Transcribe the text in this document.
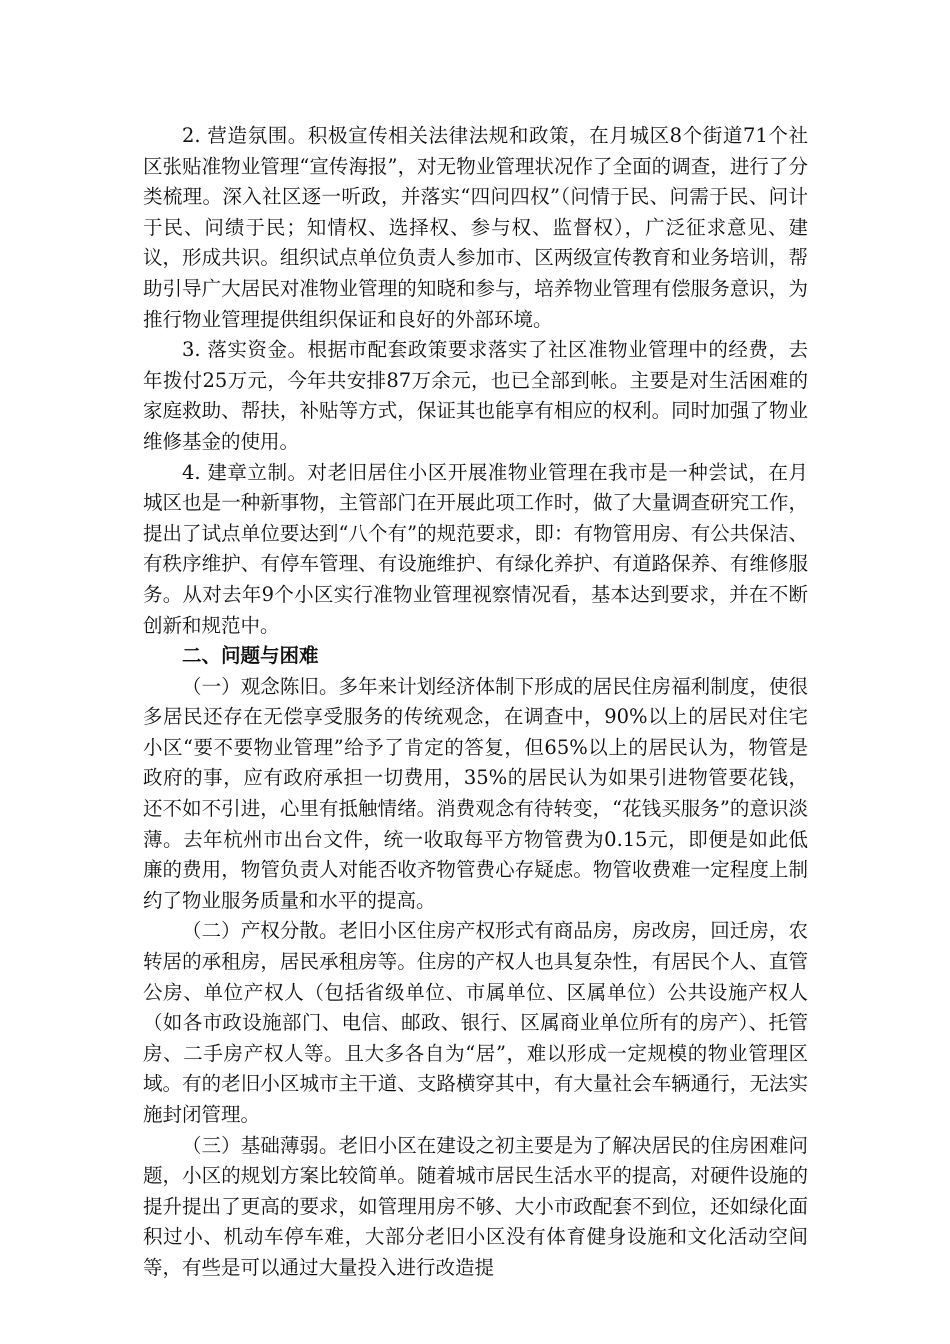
2. 营造氛围。积极宣传相关法律法规和政策，在月城区8个街道71个社区张贴准物业管理“宣传海报”，对无物业管理状况作了全面的调查，进行了分类梳理。深入社区逐一听政，并落实“四问四权”（问情于民、问需于民、问计于民、问绩于民；知情权、选择权、参与权、监督权），广泛征求意见、建议，形成共识。组织试点单位负责人参加市、区两级宣传教育和业务培训，帮助引导广大居民对准物业管理的知晓和参与，培养物业管理有偿服务意识，为推行物业管理提供组织保证和良好的外部环境。

3. 落实资金。根据市配套政策要求落实了社区准物业管理中的经费，去年拨付25万元，今年共安排87万余元，也已全部到帐。主要是对生活困难的家庭救助、帮扶，补贴等方式，保证其也能享有相应的权利。同时加强了物业维修基金的使用。

4. 建章立制。对老旧居住小区开展准物业管理在我市是一种尝试，在月城区也是一种新事物，主管部门在开展此项工作时，做了大量调查研究工作，提出了试点单位要达到“八个有”的规范要求，即：有物管用房、有公共保洁、有秩序维护、有停车管理、有设施维护、有绿化养护、有道路保养、有维修服务。从对去年9个小区实行准物业管理视察情况看，基本达到要求，并在不断创新和规范中。

二、问题与困难

（一）观念陈旧。多年来计划经济体制下形成的居民住房福利制度，使很多居民还存在无偿享受服务的传统观念，在调查中，90%以上的居民对住宅小区“要不要物业管理”给予了肯定的答复，但65%以上的居民认为，物管是政府的事，应有政府承担一切费用，35%的居民认为如果引进物管要花钱，还不如不引进，心里有抵触情绪。消费观念有待转变，“花钱买服务”的意识淡薄。去年杭州市出台文件，统一收取每平方物管费为0.15元，即便是如此低廉的费用，物管负责人对能否收齐物管费心存疑虑。物管收费难一定程度上制约了物业服务质量和水平的提高。

（二）产权分散。老旧小区住房产权形式有商品房，房改房，回迁房，农转居的承租房，居民承租房等。住房的产权人也具复杂性，有居民个人、直管公房、单位产权人（包括省级单位、市属单位、区属单位）公共设施产权人（如各市政设施部门、电信、邮政、银行、区属商业单位所有的房产）、托管房、二手房产权人等。且大多各自为“居”，难以形成一定规模的物业管理区域。有的老旧小区城市主干道、支路横穿其中，有大量社会车辆通行，无法实施封闭管理。

（三）基础薄弱。老旧小区在建设之初主要是为了解决居民的住房困难问题，小区的规划方案比较简单。随着城市居民生活水平的提高，对硬件设施的提升提出了更高的要求，如管理用房不够、大小市政配套不到位，还如绿化面积过小、机动车停车难，大部分老旧小区没有体育健身设施和文化活动空间等，有些是可以通过大量投入进行改造提
